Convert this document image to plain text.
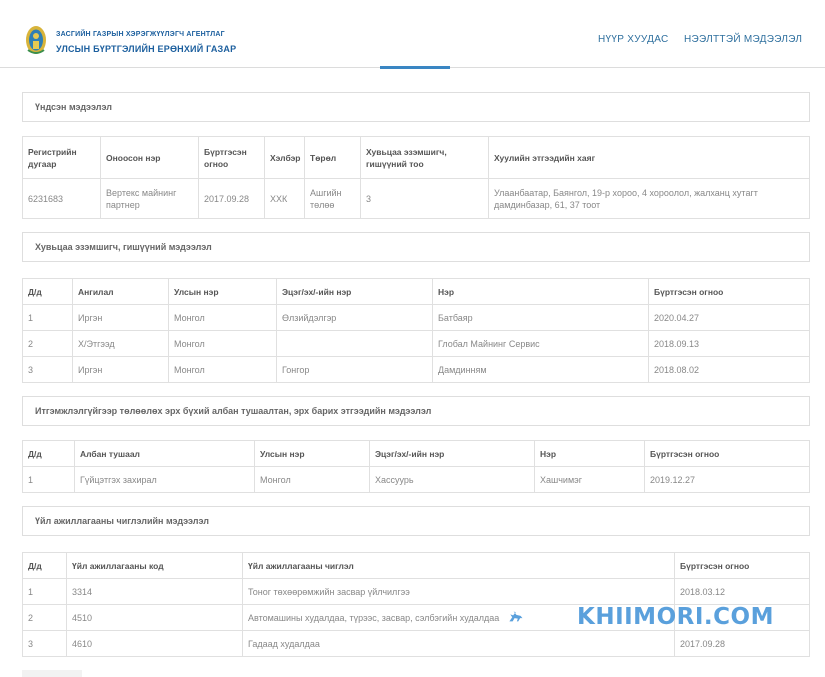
ЗАСГИЙН ГАЗРЫН ХЭРЭГЖҮҮЛЭГЧ АГЕНТЛАГ
УЛСЫН БҮРТГЭЛИЙН ЕРӨНХИЙ ГАЗАР
НҮҮР ХУУДАС НЭЭЛТТЭЙ МЭДЭЭЛЭЛ
Үндсэн мэдээлэл
Регистрийн дугаар	Оноосон нэр	Бүртгэсэн огноо	Хэлбэр	Төрөл	Хувьцаа эзэмшигч, гишүүний тоо	Хуулийн этгээдийн хаяг
6231683	Вертекс майнинг партнер	2017.09.28	ХХК	Ашгийн төлөө	3	Улаанбаатар, Баянгол, 19-р хороо, 4 хороолол, жалханц хутагт дамдинбазар, 61, 37 тоот
Хувьцаа эзэмшигч, гишүүний мэдээлэл
Д/д	Ангилал	Улсын нэр	Эцэг/эх/-ийн нэр	Нэр	Бүртгэсэн огноо
1	Иргэн	Монгол	Өлзийдэлгэр	Батбаяр	2020.04.27
2	Х/Этгээд	Монгол		Глобал Майнинг Сервис	2018.09.13
3	Иргэн	Монгол	Гонгор	Дамдинням	2018.08.02
Итгэмжлэлгүйгээр төлөөлөх эрх бүхий албан тушаалтан, эрх барих этгээдийн мэдээлэл
Д/д	Албан тушаал	Улсын нэр	Эцэг/эх/-ийн нэр	Нэр	Бүртгэсэн огноо
1	Гүйцэтгэх захирал	Монгол	Хассуурь	Хашчимэг	2019.12.27
Үйл ажиллагааны чиглэлийн мэдээлэл
Д/д	Үйл ажиллагааны код	Үйл ажиллагааны чиглэл	Бүртгэсэн огноо
1	3314	Тоног төхөөрөмжийн засвар үйлчилгээ	2018.03.12
2	4510	Автомашины худалдаа, түрээс, засвар, сэлбэгийн худалдаа	
3	4610	Гадаад худалдаа	2017.09.28
KHIIMORI.COM
